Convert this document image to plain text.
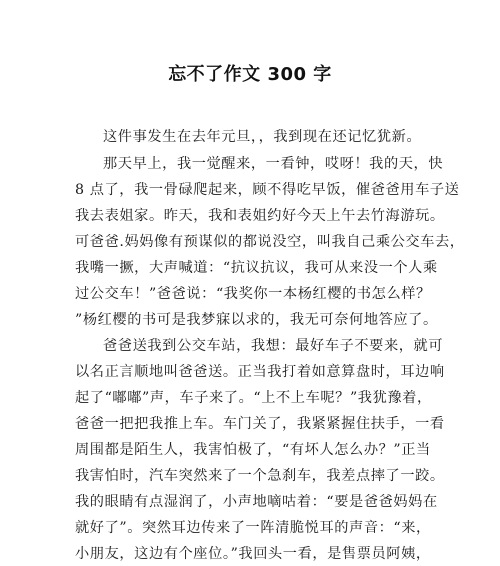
忘不了作文 300 字
这件事发生在去年元旦，，我到现在还记忆犹新。
那天早上，我一觉醒来，一看钟，哎呀！我的天，快
8 点了，我一骨碌爬起来，顾不得吃早饭，催爸爸用车子送
我去表姐家。昨天，我和表姐约好今天上午去竹海游玩。
可爸爸.妈妈像有预谋似的都说没空，叫我自己乘公交车去，
我嘴一撅，大声喊道：“抗议抗议，我可从来没一个人乘
过公交车！”爸爸说：“我奖你一本杨红樱的书怎么样？
”杨红樱的书可是我梦寐以求的，我无可奈何地答应了。
爸爸送我到公交车站，我想：最好车子不要来，就可
以名正言顺地叫爸爸送。正当我打着如意算盘时，耳边响
起了“嘟嘟”声，车子来了。“上不上车呢？”我犹豫着，
爸爸一把把我推上车。车门关了，我紧紧握住扶手，一看
周围都是陌生人，我害怕极了，“有坏人怎么办？”正当
我害怕时，汽车突然来了一个急刹车，我差点摔了一跤。
我的眼睛有点湿润了，小声地嘀咕着：“要是爸爸妈妈在
就好了”。突然耳边传来了一阵清脆悦耳的声音：“来，
小朋友，这边有个座位。”我回头一看，是售票员阿姨，
